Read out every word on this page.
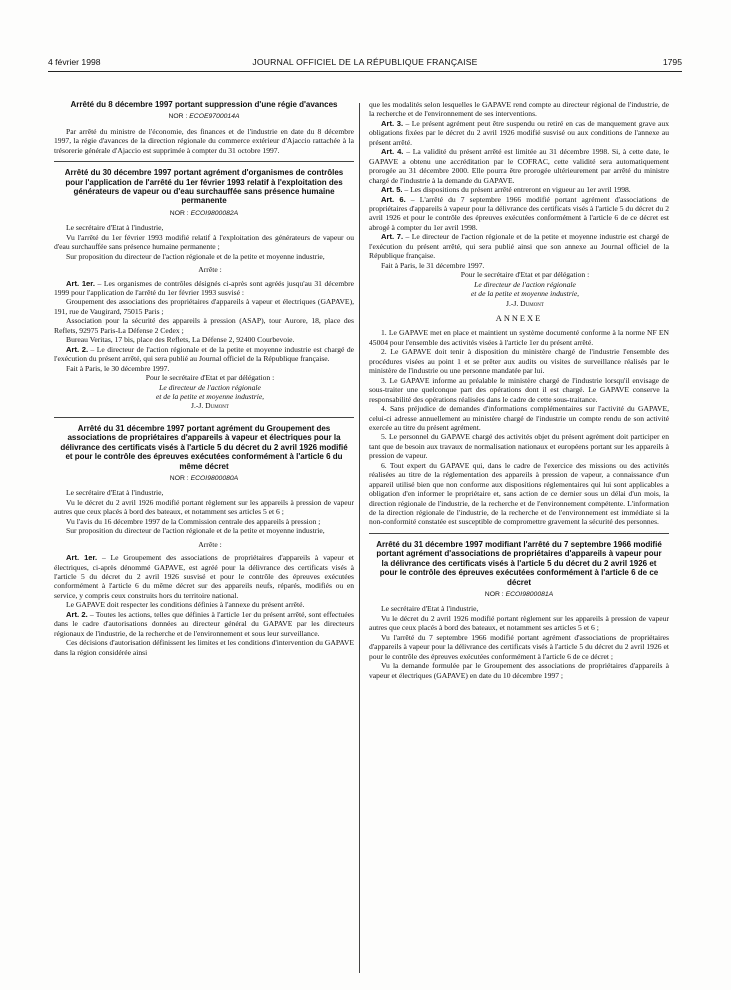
4 février 1998	JOURNAL OFFICIEL DE LA RÉPUBLIQUE FRANÇAISE	1795
Arrêté du 8 décembre 1997 portant suppression d'une régie d'avances
NOR : ECOE9700014A

Par arrêté du ministre de l'économie, des finances et de l'industrie en date du 8 décembre 1997, la régie d'avances de la direction régionale du commerce extérieur d'Ajaccio rattachée à la trésorerie générale d'Ajaccio est supprimée à compter du 31 octobre 1997.

Arrêté du 30 décembre 1997 portant agrément d'organismes de contrôles pour l'application de l'arrêté du 1er février 1993 relatif à l'exploitation des générateurs de vapeur ou d'eau surchauffée sans présence humaine permanente
NOR : ECOI9800082A

Le secrétaire d'Etat à l'industrie,

Vu l'arrêté du 1er février 1993 modifié relatif à l'exploitation des générateurs de vapeur ou d'eau surchauffée sans présence humaine permanente ;

Sur proposition du directeur de l'action régionale et de la petite et moyenne industrie,

Arrête :

Art. 1er. – Les organismes de contrôles désignés ci-après sont agréés jusqu'au 31 décembre 1999 pour l'application de l'arrêté du 1er février 1993 susvisé :

Groupement des associations des propriétaires d'appareils à vapeur et électriques (GAPAVE), 191, rue de Vaugirard, 75015 Paris ;

Association pour la sécurité des appareils à pression (ASAP), tour Aurore, 18, place des Reflets, 92975 Paris-La Défense 2 Cedex ;

Bureau Veritas, 17 bis, place des Reflets, La Défense 2, 92400 Courbevoie.

Art. 2. – Le directeur de l'action régionale et de la petite et moyenne industrie est chargé de l'exécution du présent arrêté, qui sera publié au Journal officiel de la République française.

Fait à Paris, le 30 décembre 1997.

Pour le secrétaire d'Etat et par délégation :

Le directeur de l'action régionale

et de la petite et moyenne industrie,

J.-J. Dumont

Arrêté du 31 décembre 1997 portant agrément du Groupement des associations de propriétaires d'appareils à vapeur et électriques pour la délivrance des certificats visés à l'article 5 du décret du 2 avril 1926 modifié et pour le contrôle des épreuves exécutées conformément à l'article 6 du même décret
NOR : ECOI9800080A

Le secrétaire d'Etat à l'industrie,

Vu le décret du 2 avril 1926 modifié portant règlement sur les appareils à pression de vapeur autres que ceux placés à bord des bateaux, et notamment ses articles 5 et 6 ;

Vu l'avis du 16 décembre 1997 de la Commission centrale des appareils à pression ;

Sur proposition du directeur de l'action régionale et de la petite et moyenne industrie,

Arrête :

Art. 1er. – Le Groupement des associations de propriétaires d'appareils à vapeur et électriques, ci-après dénommé GAPAVE, est agréé pour la délivrance des certificats visés à l'article 5 du décret du 2 avril 1926 susvisé et pour le contrôle des épreuves exécutées conformément à l'article 6 du même décret sur des appareils neufs, réparés, modifiés ou en service, y compris ceux construits hors du territoire national.

Le GAPAVE doit respecter les conditions définies à l'annexe du présent arrêté.

Art. 2. – Toutes les actions, telles que définies à l'article 1er du présent arrêté, sont effectuées dans le cadre d'autorisations données au directeur général du GAPAVE par les directeurs régionaux de l'industrie, de la recherche et de l'environnement et sous leur surveillance.

Ces décisions d'autorisation définissent les limites et les conditions d'intervention du GAPAVE dans la région considérée ainsi

que les modalités selon lesquelles le GAPAVE rend compte au directeur régional de l'industrie, de la recherche et de l'environnement de ses interventions.

Art. 3. – Le présent agrément peut être suspendu ou retiré en cas de manquement grave aux obligations fixées par le décret du 2 avril 1926 modifié susvisé ou aux conditions de l'annexe au présent arrêté.

Art. 4. – La validité du présent arrêté est limitée au 31 décembre 1998. Si, à cette date, le GAPAVE a obtenu une accréditation par le COFRAC, cette validité sera automatiquement prorogée au 31 décembre 2000. Elle pourra être prorogée ultérieurement par arrêté du ministre chargé de l'industrie à la demande du GAPAVE.

Art. 5. – Les dispositions du présent arrêté entreront en vigueur au 1er avril 1998.

Art. 6. – L'arrêté du 7 septembre 1966 modifié portant agrément d'associations de propriétaires d'appareils à vapeur pour la délivrance des certificats visés à l'article 5 du décret du 2 avril 1926 et pour le contrôle des épreuves exécutées conformément à l'article 6 de ce décret est abrogé à compter du 1er avril 1998.

Art. 7. – Le directeur de l'action régionale et de la petite et moyenne industrie est chargé de l'exécution du présent arrêté, qui sera publié ainsi que son annexe au Journal officiel de la République française.

Fait à Paris, le 31 décembre 1997.

Pour le secrétaire d'Etat et par délégation :

Le directeur de l'action régionale

et de la petite et moyenne industrie,

J.-J. Dumont

ANNEXE

1. Le GAPAVE met en place et maintient un système documenté conforme à la norme NF EN 45004 pour l'ensemble des activités visées à l'article 1er du présent arrêté.

2. Le GAPAVE doit tenir à disposition du ministère chargé de l'industrie l'ensemble des procédures visées au point 1 et se prêter aux audits ou visites de surveillance réalisés par le ministère de l'industrie ou une personne mandatée par lui.

3. Le GAPAVE informe au préalable le ministère chargé de l'industrie lorsqu'il envisage de sous-traiter une quelconque part des opérations dont il est chargé. Le GAPAVE conserve la responsabilité des opérations réalisées dans le cadre de cette sous-traitance.

4. Sans préjudice de demandes d'informations complémentaires sur l'activité du GAPAVE, celui-ci adresse annuellement au ministère chargé de l'industrie un compte rendu de son activité exercée au titre du présent agrément.

5. Le personnel du GAPAVE chargé des activités objet du présent agrément doit participer en tant que de besoin aux travaux de normalisation nationaux et européens portant sur les appareils à pression de vapeur.

6. Tout expert du GAPAVE qui, dans le cadre de l'exercice des missions ou des activités réalisées au titre de la réglementation des appareils à pression de vapeur, a connaissance d'un appareil utilisé bien que non conforme aux dispositions réglementaires qui lui sont applicables a obligation d'en informer le propriétaire et, sans action de ce dernier sous un délai d'un mois, la direction régionale de l'industrie, de la recherche et de l'environnement compétente. L'information de la direction régionale de l'industrie, de la recherche et de l'environnement est immédiate si la non-conformité constatée est susceptible de compromettre gravement la sécurité des personnes.

Arrêté du 31 décembre 1997 modifiant l'arrêté du 7 septembre 1966 modifié portant agrément d'associations de propriétaires d'appareils à vapeur pour la délivrance des certificats visés à l'article 5 du décret du 2 avril 1926 et pour le contrôle des épreuves exécutées conformément à l'article 6 de ce décret
NOR : ECOI9800081A

Le secrétaire d'Etat à l'industrie,

Vu le décret du 2 avril 1926 modifié portant règlement sur les appareils à pression de vapeur autres que ceux placés à bord des bateaux, et notamment ses articles 5 et 6 ;

Vu l'arrêté du 7 septembre 1966 modifié portant agrément d'associations de propriétaires d'appareils à vapeur pour la délivrance des certificats visés à l'article 5 du décret du 2 avril 1926 et pour le contrôle des épreuves exécutées conformément à l'article 6 de ce décret ;

Vu la demande formulée par le Groupement des associations de propriétaires d'appareils à vapeur et électriques (GAPAVE) en date du 10 décembre 1997 ;
